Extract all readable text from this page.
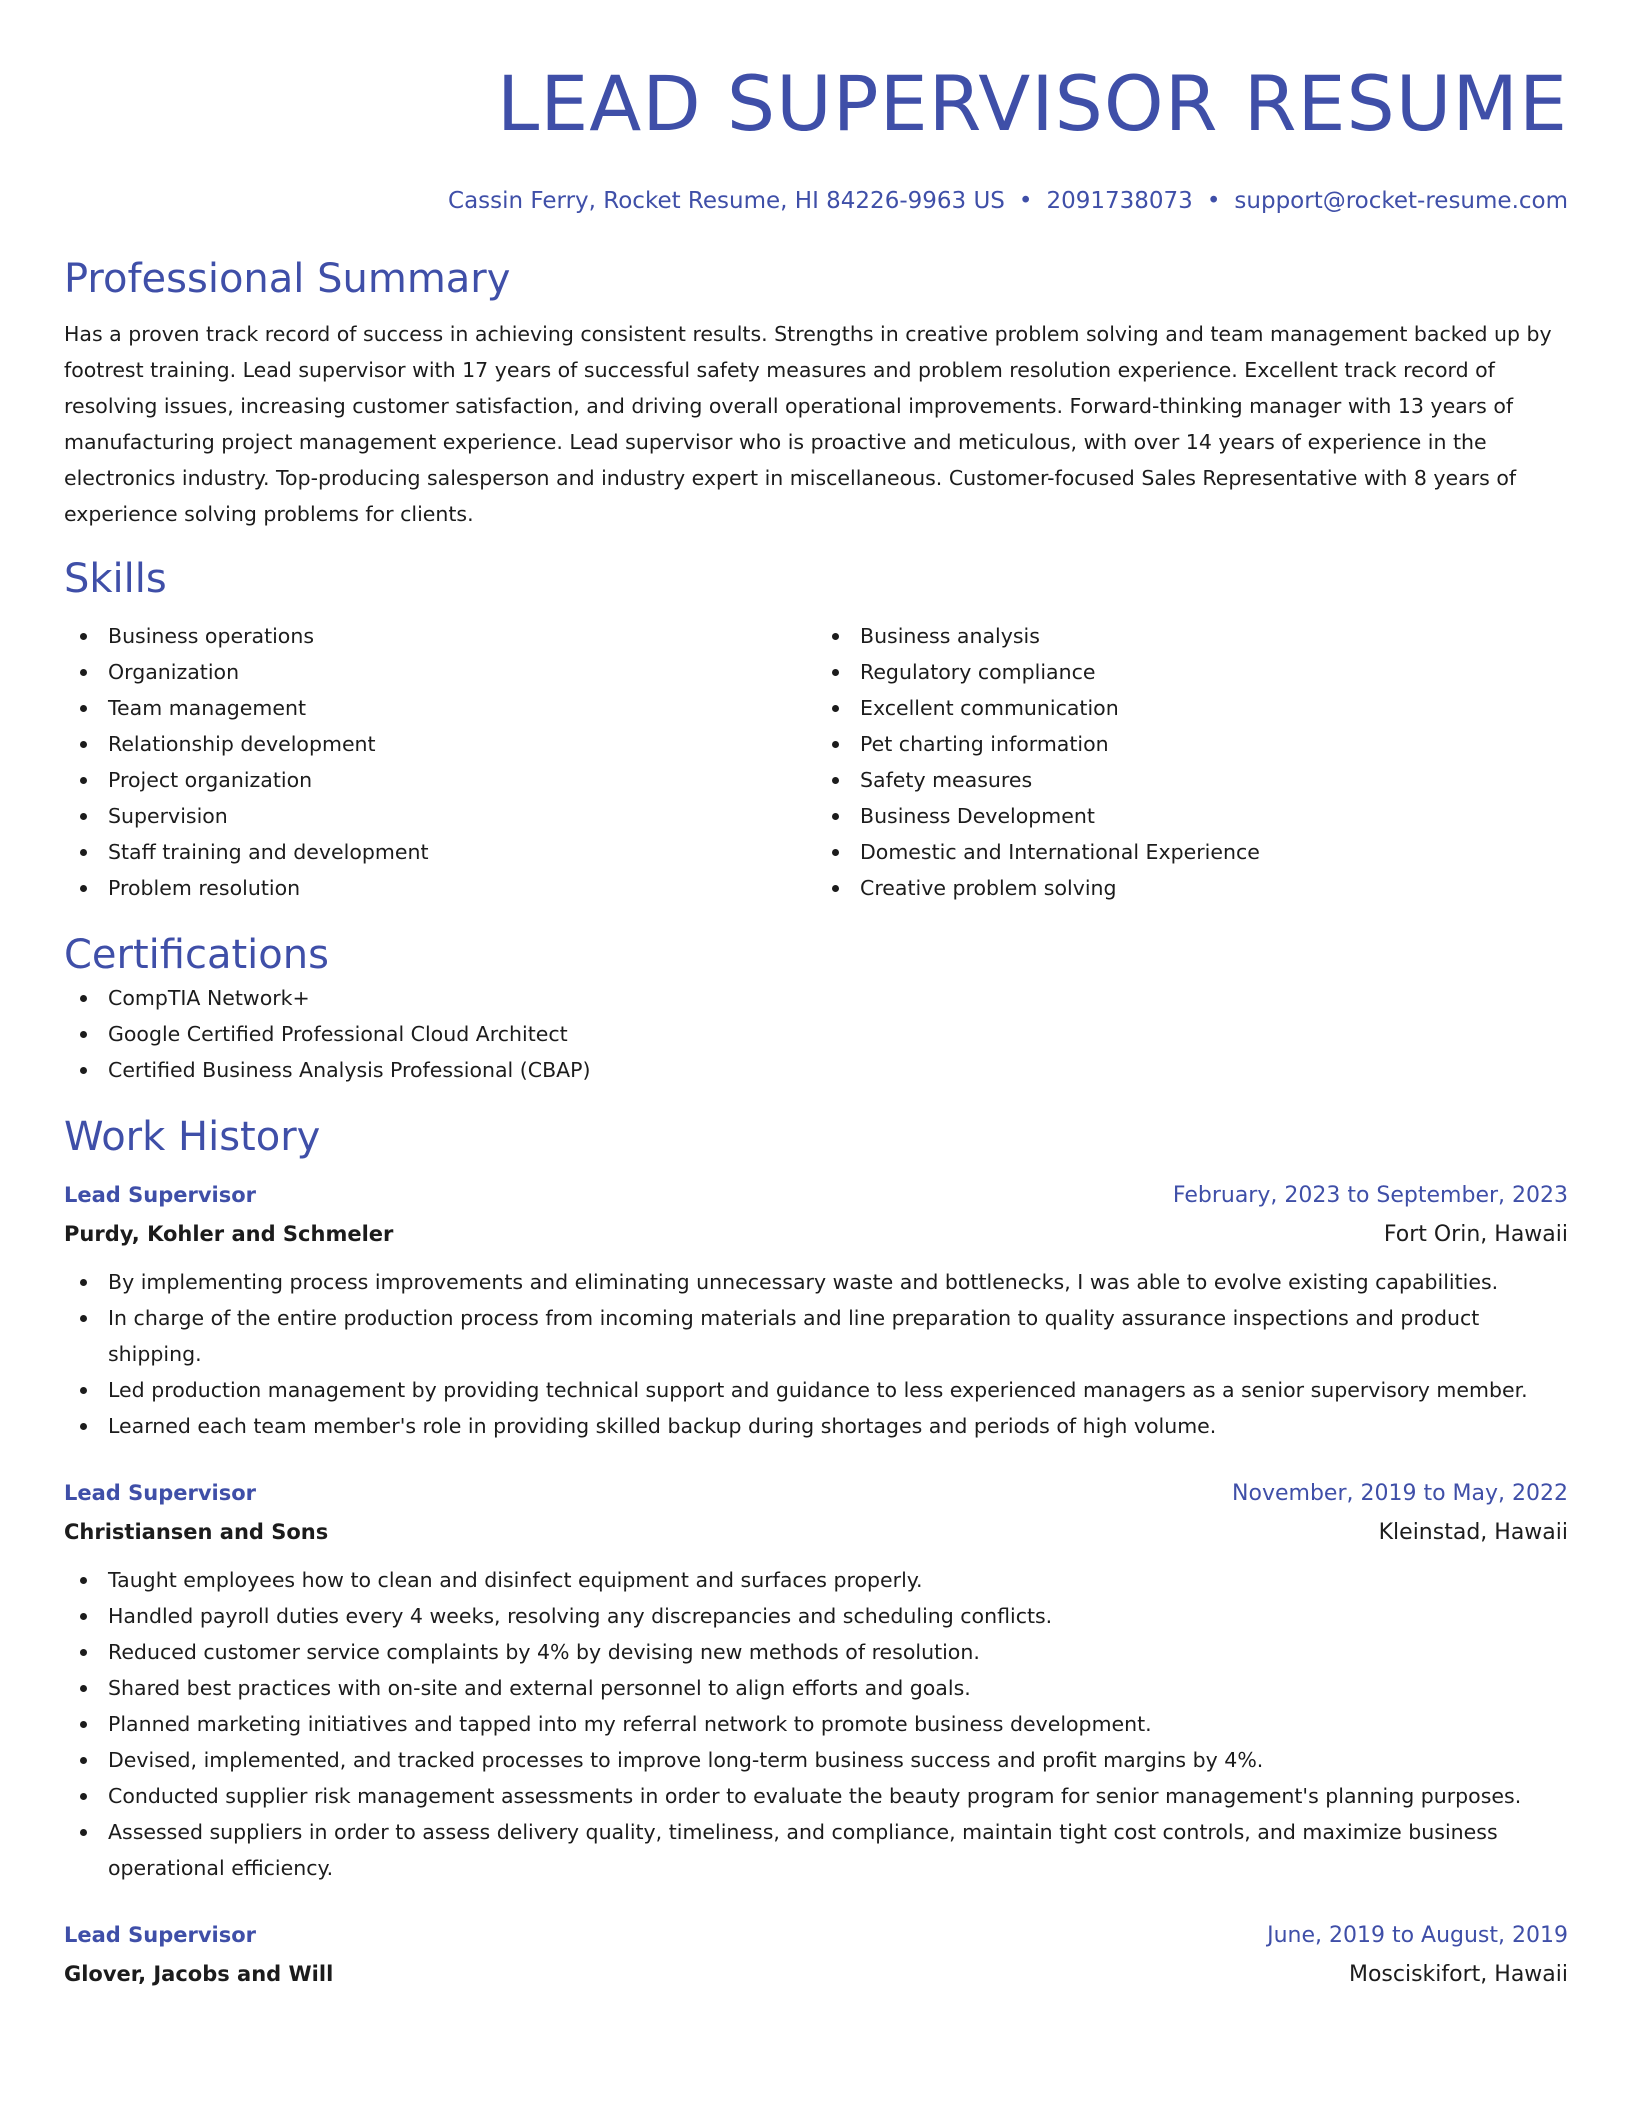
LEAD SUPERVISOR RESUME
Cassin Ferry, Rocket Resume, HI 84226-9963 US • 2091738073 • support@rocket-resume.com
Professional Summary
Has a proven track record of success in achieving consistent results. Strengths in creative problem solving and team management backed up by footrest training. Lead supervisor with 17 years of successful safety measures and problem resolution experience. Excellent track record of resolving issues, increasing customer satisfaction, and driving overall operational improvements. Forward-thinking manager with 13 years of manufacturing project management experience. Lead supervisor who is proactive and meticulous, with over 14 years of experience in the electronics industry. Top-producing salesperson and industry expert in miscellaneous. Customer-focused Sales Representative with 8 years of experience solving problems for clients.
Skills
Business operations
Organization
Team management
Relationship development
Project organization
Supervision
Staff training and development
Problem resolution
Business analysis
Regulatory compliance
Excellent communication
Pet charting information
Safety measures
Business Development
Domestic and International Experience
Creative problem solving
Certifications
CompTIA Network+
Google Certified Professional Cloud Architect
Certified Business Analysis Professional (CBAP)
Work History
Lead Supervisor	February, 2023 to September, 2023
Purdy, Kohler and Schmeler	Fort Orin, Hawaii
By implementing process improvements and eliminating unnecessary waste and bottlenecks, I was able to evolve existing capabilities.
In charge of the entire production process from incoming materials and line preparation to quality assurance inspections and product shipping.
Led production management by providing technical support and guidance to less experienced managers as a senior supervisory member.
Learned each team member's role in providing skilled backup during shortages and periods of high volume.
Lead Supervisor	November, 2019 to May, 2022
Christiansen and Sons	Kleinstad, Hawaii
Taught employees how to clean and disinfect equipment and surfaces properly.
Handled payroll duties every 4 weeks, resolving any discrepancies and scheduling conflicts.
Reduced customer service complaints by 4% by devising new methods of resolution.
Shared best practices with on-site and external personnel to align efforts and goals.
Planned marketing initiatives and tapped into my referral network to promote business development.
Devised, implemented, and tracked processes to improve long-term business success and profit margins by 4%.
Conducted supplier risk management assessments in order to evaluate the beauty program for senior management's planning purposes.
Assessed suppliers in order to assess delivery quality, timeliness, and compliance, maintain tight cost controls, and maximize business operational efficiency.
Lead Supervisor	June, 2019 to August, 2019
Glover, Jacobs and Will	Mosciskifort, Hawaii
